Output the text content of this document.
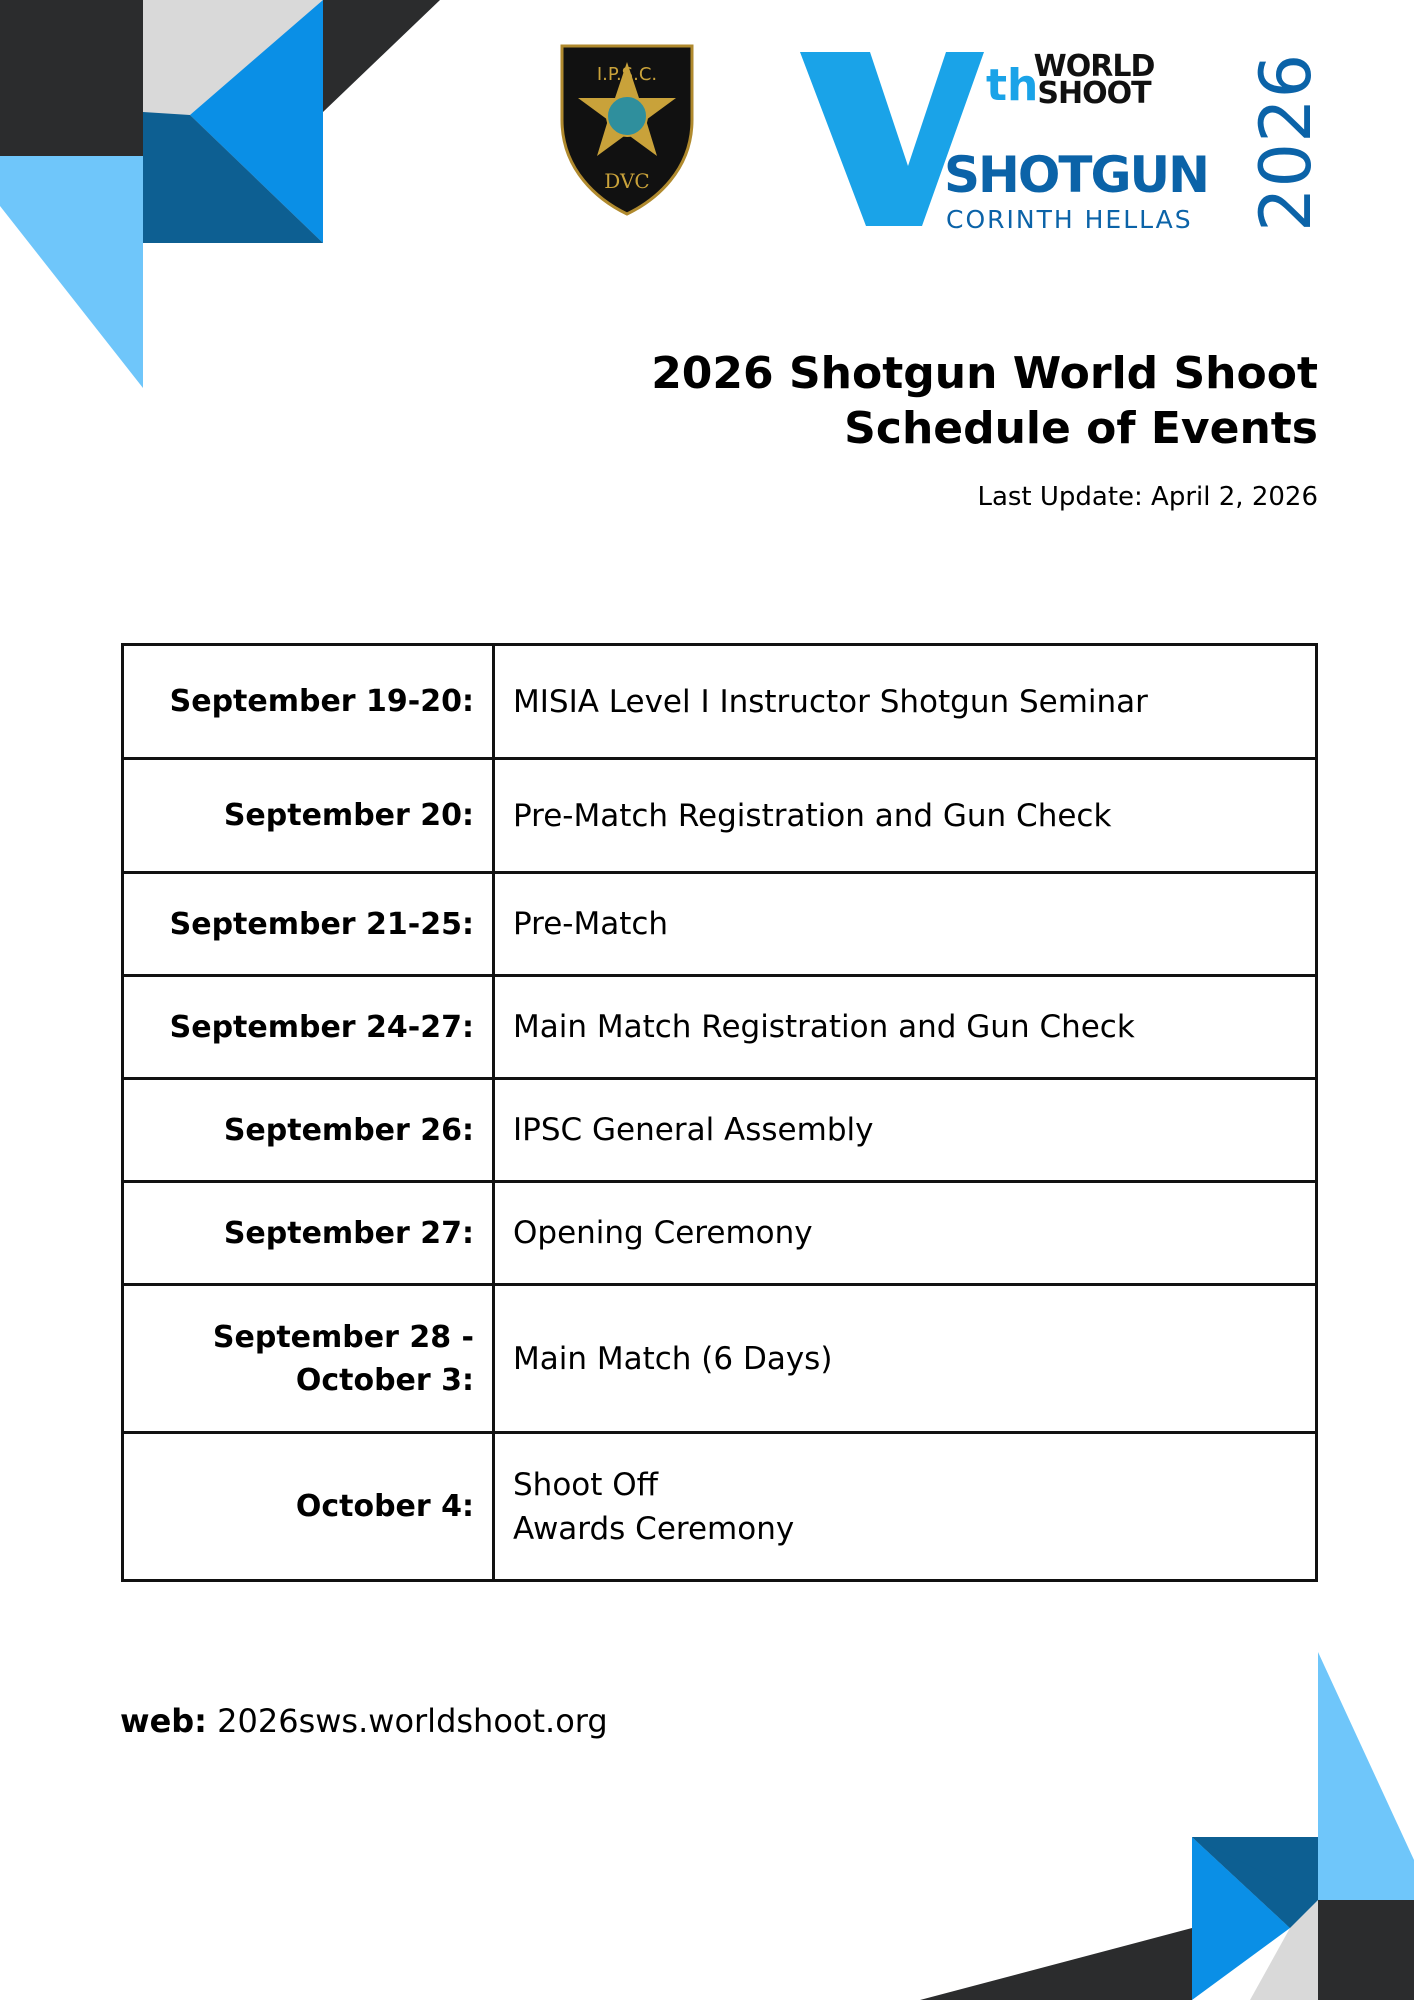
I.P.S.C.
DVC
th
WORLD
SHOOT
SHOTGUN
CORINTH HELLAS 2026
2026 Shotgun World Shoot
Schedule of Events
Last Update: April 2, 2026
September 19-20:	MISIA Level I Instructor Shotgun Seminar

September 20:	Pre-Match Registration and Gun Check

September 21-25:	Pre-Match

September 24-27:	Main Match Registration and Gun Check

September 26:	IPSC General Assembly

September 27:	Opening Ceremony

September 28 - October 3:	Main Match (6 Days)

October 4:	Shoot Off
Awards Ceremony
web: 2026sws.worldshoot.org
